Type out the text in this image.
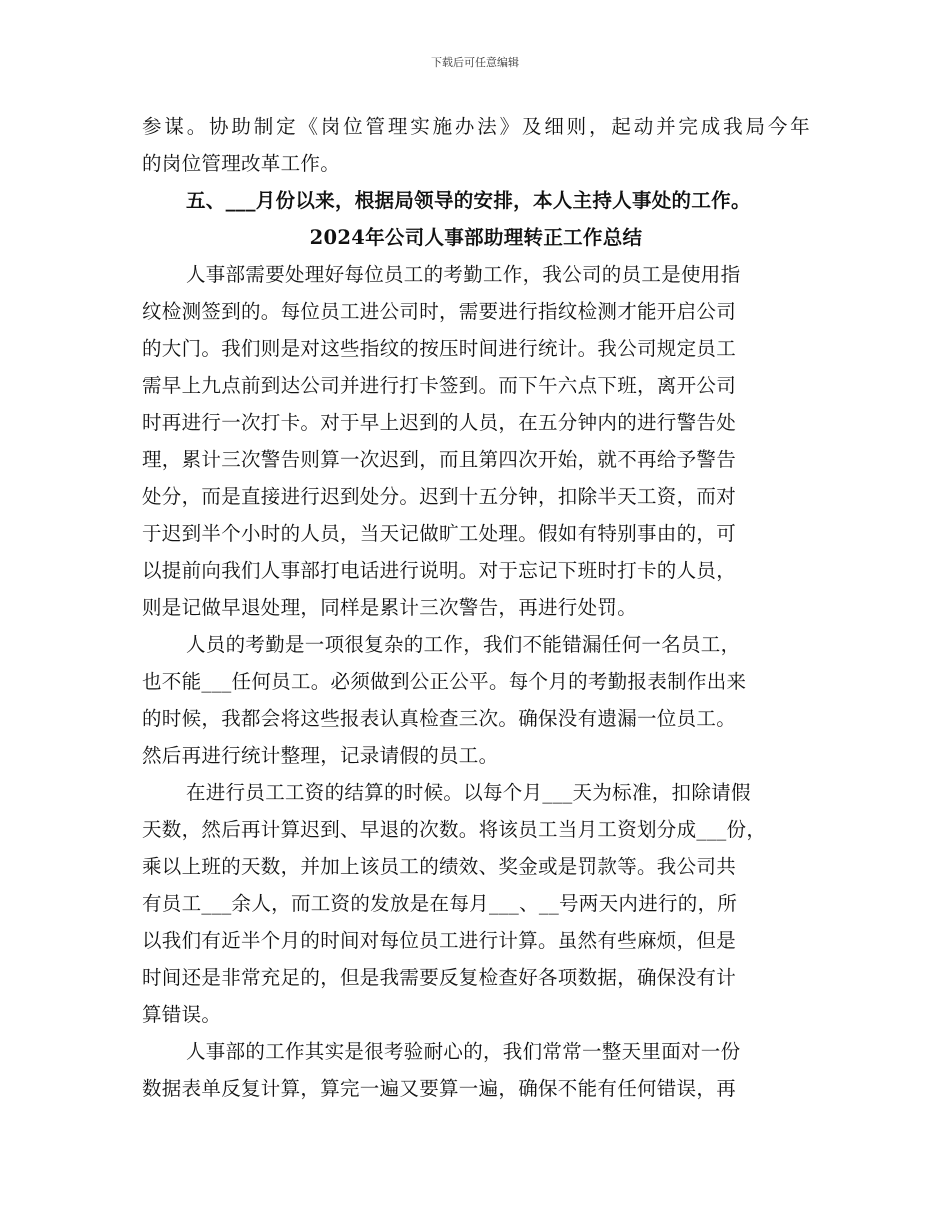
下载后可任意编辑
参谋。协助制定《岗位管理实施办法》及细则，起动并完成我局今年
的岗位管理改革工作。
五、___月份以来，根据局领导的安排，本人主持人事处的工作。
2024年公司人事部助理转正工作总结
人事部需要处理好每位员工的考勤工作，我公司的员工是使用指
纹检测签到的。每位员工进公司时，需要进行指纹检测才能开启公司
的大门。我们则是对这些指纹的按压时间进行统计。我公司规定员工
需早上九点前到达公司并进行打卡签到。而下午六点下班，离开公司
时再进行一次打卡。对于早上迟到的人员，在五分钟内的进行警告处
理，累计三次警告则算一次迟到，而且第四次开始，就不再给予警告
处分，而是直接进行迟到处分。迟到十五分钟，扣除半天工资，而对
于迟到半个小时的人员，当天记做旷工处理。假如有特别事由的，可
以提前向我们人事部打电话进行说明。对于忘记下班时打卡的人员，
则是记做早退处理，同样是累计三次警告，再进行处罚。
人员的考勤是一项很复杂的工作，我们不能错漏任何一名员工，
也不能___任何员工。必须做到公正公平。每个月的考勤报表制作出来
的时候，我都会将这些报表认真检查三次。确保没有遗漏一位员工。
然后再进行统计整理，记录请假的员工。
在进行员工工资的结算的时候。以每个月___天为标准，扣除请假
天数，然后再计算迟到、早退的次数。将该员工当月工资划分成___份，
乘以上班的天数，并加上该员工的绩效、奖金或是罚款等。我公司共
有员工___余人，而工资的发放是在每月___、__号两天内进行的，所
以我们有近半个月的时间对每位员工进行计算。虽然有些麻烦，但是
时间还是非常充足的，但是我需要反复检查好各项数据，确保没有计
算错误。
人事部的工作其实是很考验耐心的，我们常常一整天里面对一份
数据表单反复计算，算完一遍又要算一遍，确保不能有任何错误，再
